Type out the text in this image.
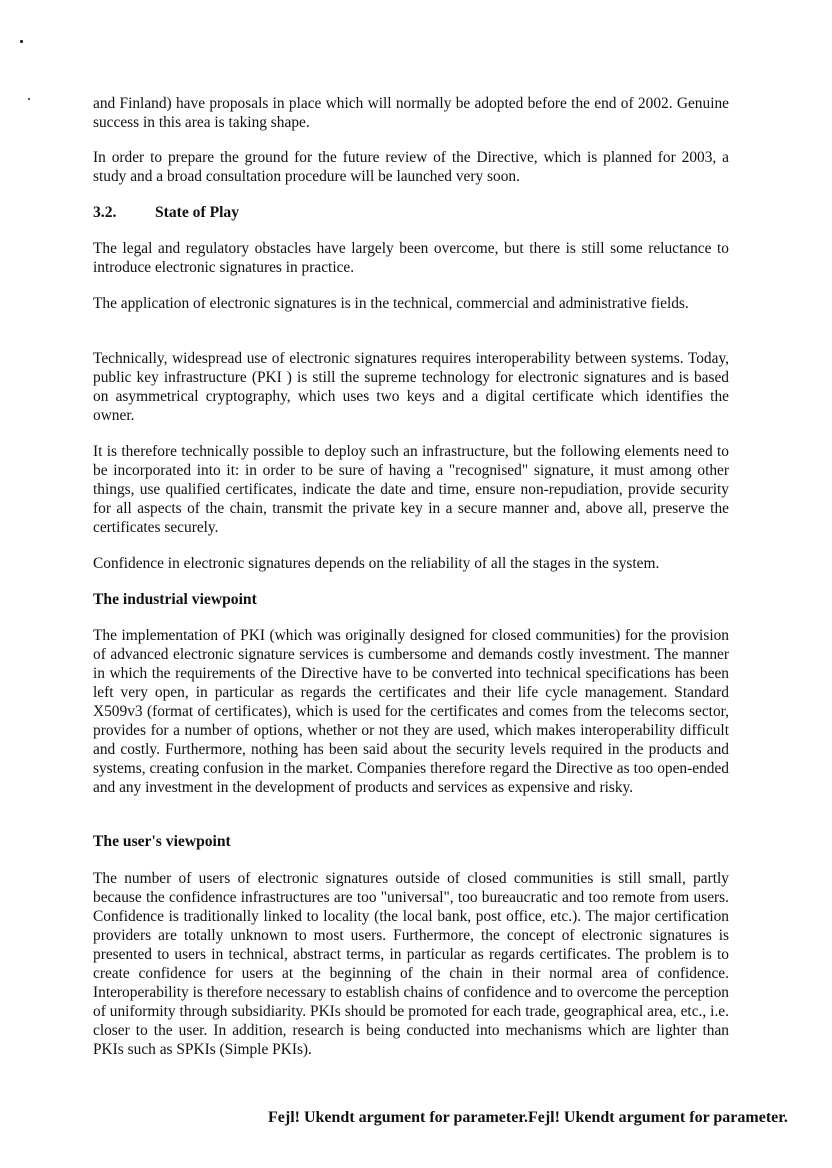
and Finland) have proposals in place which will normally be adopted before the end of 2002. Genuine success in this area is taking shape.

In order to prepare the ground for the future review of the Directive, which is planned for 2003, a study and a broad consultation procedure will be launched very soon.

3.2. State of Play

The legal and regulatory obstacles have largely been overcome, but there is still some reluctance to introduce electronic signatures in practice.

The application of electronic signatures is in the technical, commercial and administrative fields.

Technically, widespread use of electronic signatures requires interoperability between systems. Today, public key infrastructure (PKI ) is still the supreme technology for electronic signatures and is based on asymmetrical cryptography, which uses two keys and a digital certificate which identifies the owner.

It is therefore technically possible to deploy such an infrastructure, but the following elements need to be incorporated into it: in order to be sure of having a "recognised" signature, it must among other things, use qualified certificates, indicate the date and time, ensure non-repudiation, provide security for all aspects of the chain, transmit the private key in a secure manner and, above all, preserve the certificates securely.

Confidence in electronic signatures depends on the reliability of all the stages in the system.

The industrial viewpoint

The implementation of PKI (which was originally designed for closed communities) for the provision of advanced electronic signature services is cumbersome and demands costly investment. The manner in which the requirements of the Directive have to be converted into technical specifications has been left very open, in particular as regards the certificates and their life cycle management. Standard X509v3 (format of certificates), which is used for the certificates and comes from the telecoms sector, provides for a number of options, whether or not they are used, which makes interoperability difficult and costly. Furthermore, nothing has been said about the security levels required in the products and systems, creating confusion in the market. Companies therefore regard the Directive as too open-ended and any investment in the development of products and services as expensive and risky.

The user's viewpoint

The number of users of electronic signatures outside of closed communities is still small, partly because the confidence infrastructures are too "universal", too bureaucratic and too remote from users. Confidence is traditionally linked to locality (the local bank, post office, etc.). The major certification providers are totally unknown to most users. Furthermore, the concept of electronic signatures is presented to users in technical, abstract terms, in particular as regards certificates. The problem is to create confidence for users at the beginning of the chain in their normal area of confidence. Interoperability is therefore necessary to establish chains of confidence and to overcome the perception of uniformity through subsidiarity. PKIs should be promoted for each trade, geographical area, etc., i.e. closer to the user. In addition, research is being conducted into mechanisms which are lighter than PKIs such as SPKIs (Simple PKIs).

Fejl! Ukendt argument for parameter.Fejl! Ukendt argument for parameter.
